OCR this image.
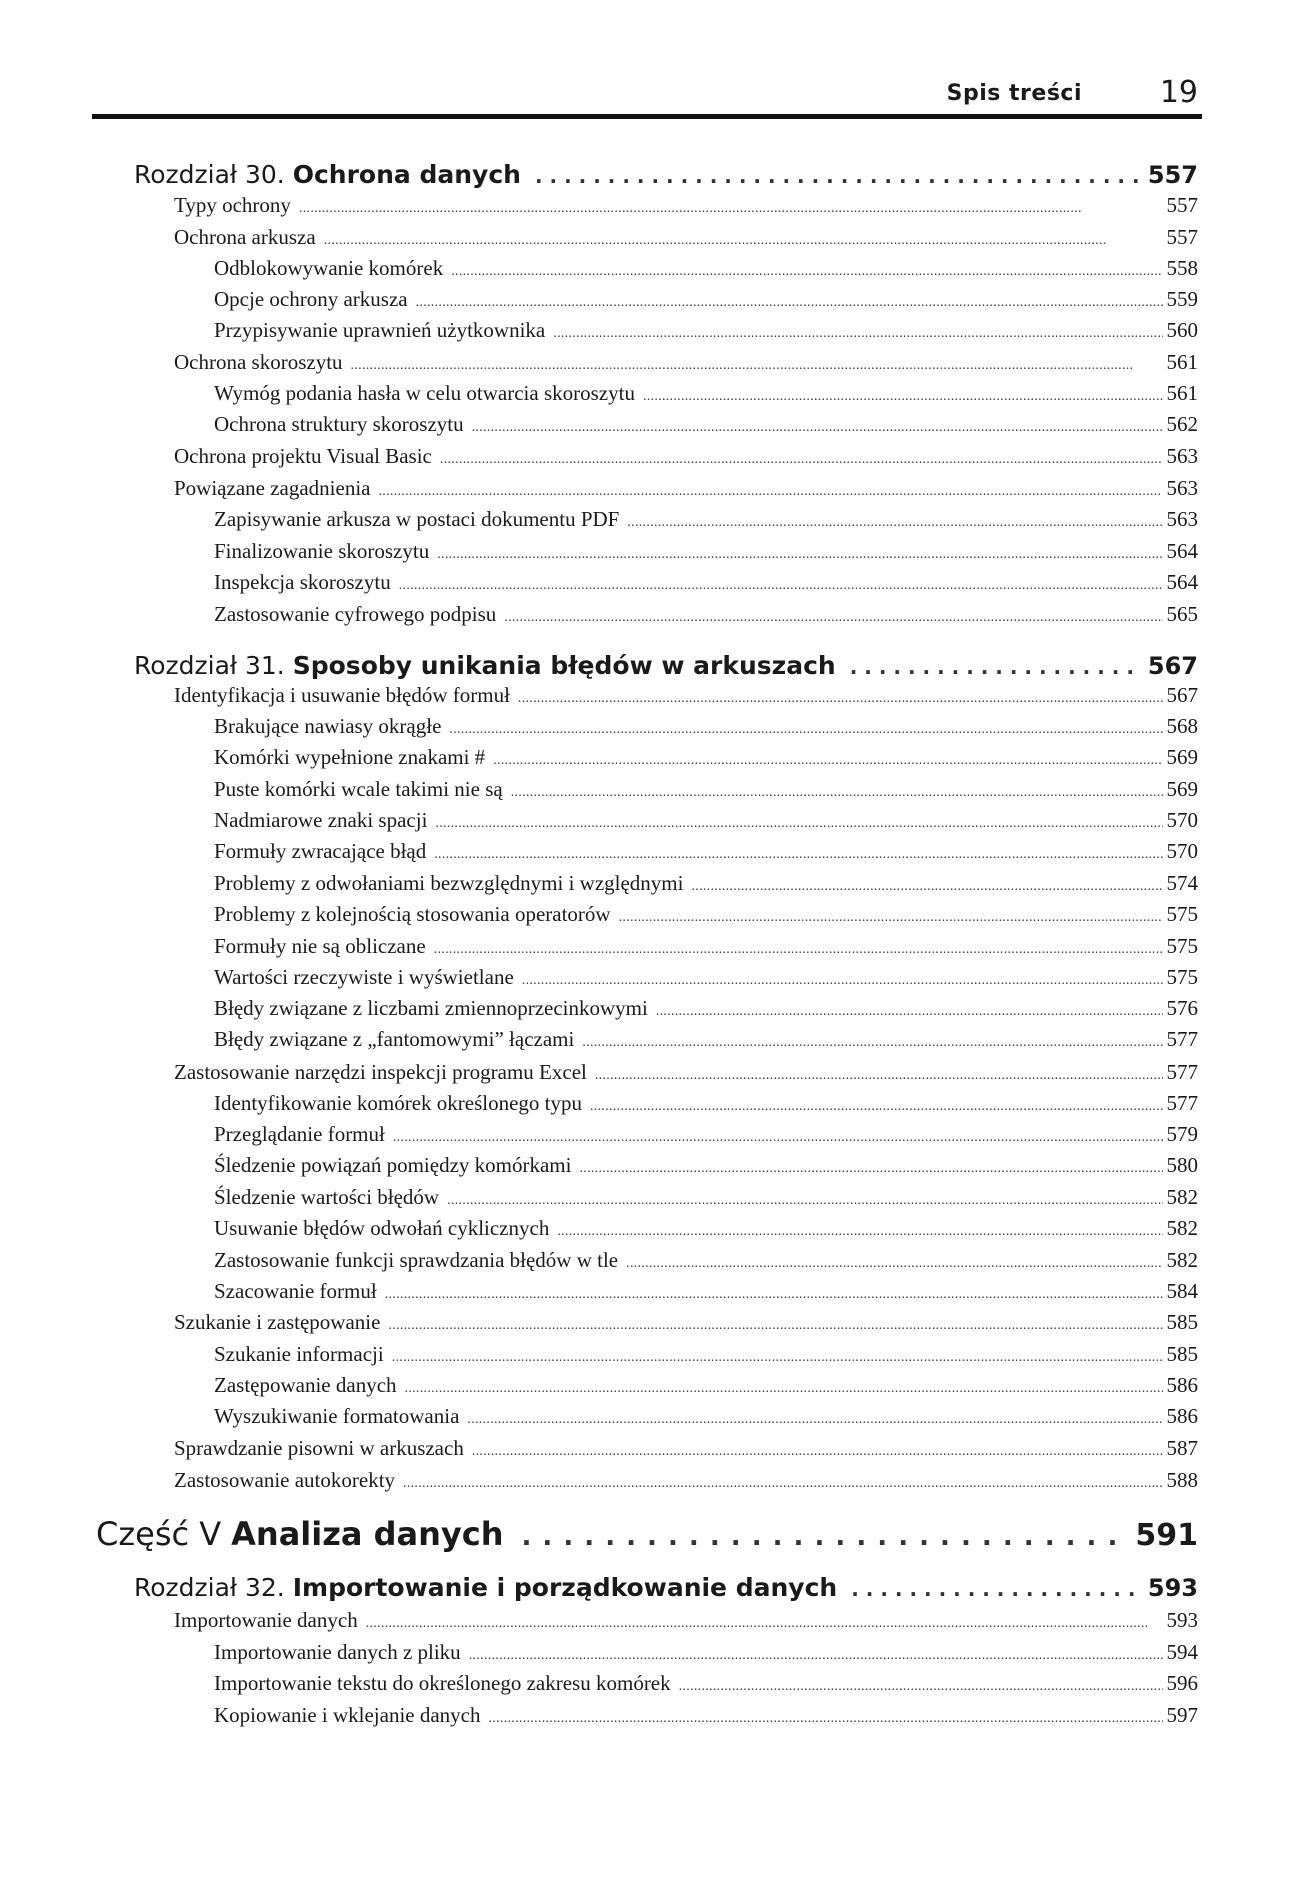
Spis treści	19
Rozdział 30. Ochrona danych . . .	557
Typy ochrony . . .	557
Ochrona arkusza . . .	557
Odblokowywanie komórek . . .	558
Opcje ochrony arkusza . . .	559
Przypisywanie uprawnień użytkownika . . .	560
Ochrona skoroszytu . . .	561
Wymóg podania hasła w celu otwarcia skoroszytu . . .	561
Ochrona struktury skoroszytu . . .	562
Ochrona projektu Visual Basic . . .	563
Powiązane zagadnienia . . .	563
Zapisywanie arkusza w postaci dokumentu PDF . . .	563
Finalizowanie skoroszytu . . .	564
Inspekcja skoroszytu . . .	564
Zastosowanie cyfrowego podpisu . . .	565
Rozdział 31. Sposoby unikania błędów w arkuszach . . .	567
Identyfikacja i usuwanie błędów formuł . . .	567
Brakujące nawiasy okrągłe . . .	568
Komórki wypełnione znakami # . . .	569
Puste komórki wcale takimi nie są . . .	569
Nadmiarowe znaki spacji . . .	570
Formuły zwracające błąd . . .	570
Problemy z odwołaniami bezwzględnymi i względnymi . . .	574
Problemy z kolejnością stosowania operatorów . . .	575
Formuły nie są obliczane . . .	575
Wartości rzeczywiste i wyświetlane . . .	575
Błędy związane z liczbami zmiennoprzecinkowymi . . .	576
Błędy związane z „fantomowymi” łączami . . .	577
Zastosowanie narzędzi inspekcji programu Excel . . .	577
Identyfikowanie komórek określonego typu . . .	577
Przeglądanie formuł . . .	579
Śledzenie powiązań pomiędzy komórkami . . .	580
Śledzenie wartości błędów . . .	582
Usuwanie błędów odwołań cyklicznych . . .	582
Zastosowanie funkcji sprawdzania błędów w tle . . .	582
Szacowanie formuł . . .	584
Szukanie i zastępowanie . . .	585
Szukanie informacji . . .	585
Zastępowanie danych . . .	586
Wyszukiwanie formatowania . . .	586
Sprawdzanie pisowni w arkuszach . . .	587
Zastosowanie autokorekty . . .	588
Część V Analiza danych . . .	591
Rozdział 32. Importowanie i porządkowanie danych . . .	593
Importowanie danych . . .	593
Importowanie danych z pliku . . .	594
Importowanie tekstu do określonego zakresu komórek . . .	596
Kopiowanie i wklejanie danych . . .	597
